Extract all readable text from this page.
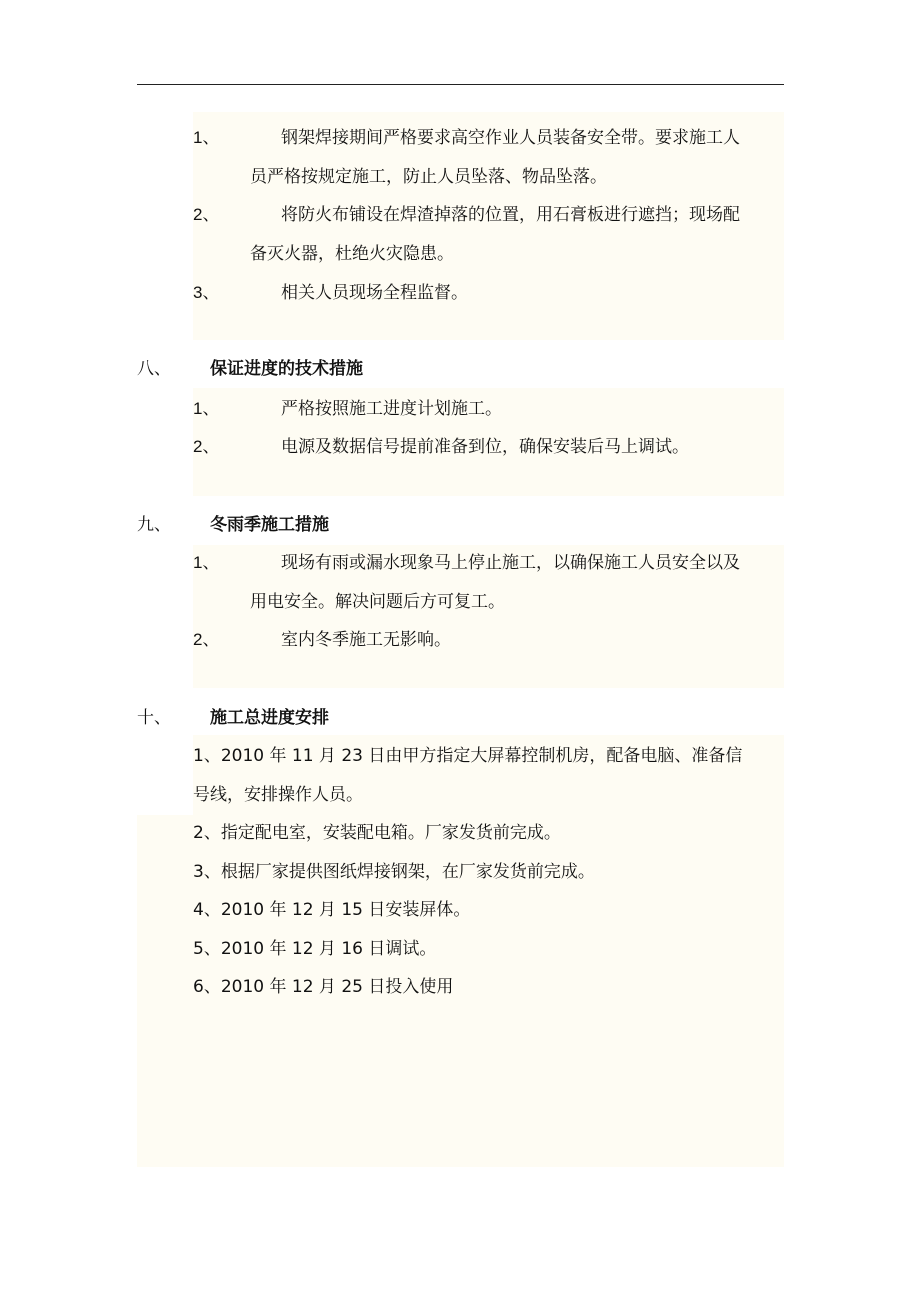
1、	钢架焊接期间严格要求高空作业人员装备安全带。要求施工人
员严格按规定施工，防止人员坠落、物品坠落。
2、	将防火布铺设在焊渣掉落的位置，用石膏板进行遮挡；现场配
备灭火器，杜绝火灾隐患。
3、	相关人员现场全程监督。
八、 保证进度的技术措施
1、	严格按照施工进度计划施工。
2、	电源及数据信号提前准备到位，确保安装后马上调试。
九、 冬雨季施工措施
1、	现场有雨或漏水现象马上停止施工，以确保施工人员安全以及
用电安全。解决问题后方可复工。
2、	室内冬季施工无影响。
十、 施工总进度安排
1、2010 年 11 月 23 日由甲方指定大屏幕控制机房，配备电脑、准备信
号线，安排操作人员。
2、指定配电室，安装配电箱。厂家发货前完成。
3、根据厂家提供图纸焊接钢架，在厂家发货前完成。
4、2010 年 12 月 15 日安装屏体。
5、2010 年 12 月 16 日调试。
6、2010 年 12 月 25 日投入使用
